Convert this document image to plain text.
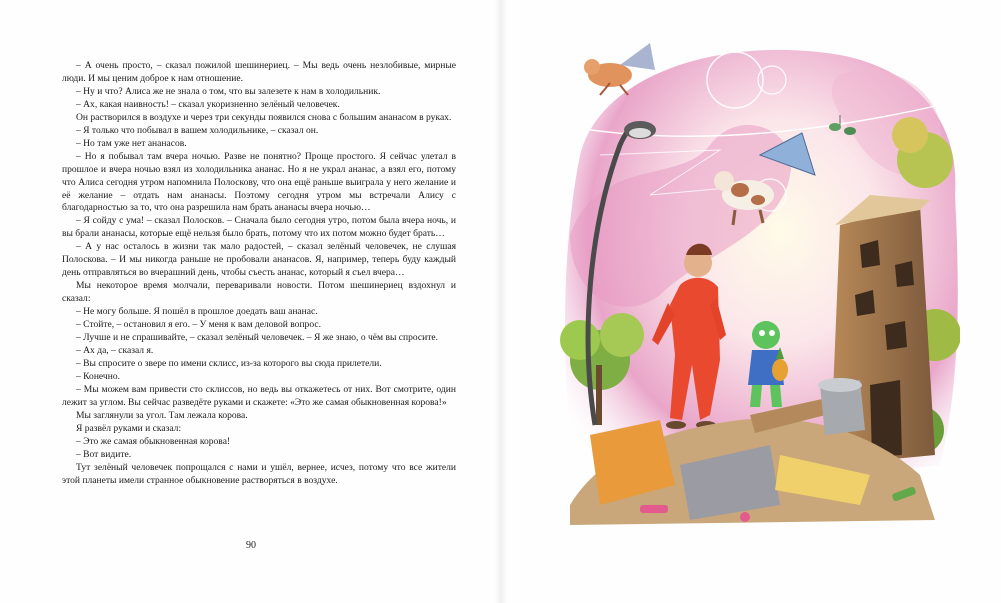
– А очень просто, – сказал пожилой шешинериец. – Мы ведь очень незлобивые, мирные люди. И мы ценим доброе к нам отношение.

– Ну и что? Алиса же не знала о том, что вы залезете к нам в холодильник.

– Ах, какая наивность! – сказал укоризненно зелёный человечек.

Он растворился в воздухе и через три секунды появился снова с большим ананасом в руках.

– Я только что побывал в вашем холодильнике, – сказал он.

– Но там уже нет ананасов.

– Но я побывал там вчера ночью. Разве не понятно? Проще простого. Я сейчас улетал в прошлое и вчера ночью взял из холодильника ананас. Но я не украл ананас, а взял его, потому что Алиса сегодня утром напомнила Полоскову, что она ещё раньше выиграла у него желание и её желание – отдать нам ананасы. Поэтому сегодня утром мы встречали Алису с благодарностью за то, что она разрешила нам брать ананасы вчера ночью…

– Я сойду с ума! – сказал Полосков. – Сначала было сегодня утро, потом была вчера ночь, и вы брали ананасы, которые ещё нельзя было брать, потому что их потом можно будет брать…

– А у нас осталось в жизни так мало радостей, – сказал зелёный человечек, не слушая Полоскова. – И мы никогда раньше не пробовали ананасов. Я, например, теперь буду каждый день отправляться во вчерашний день, чтобы съесть ананас, который я съел вчера…

Мы некоторое время молчали, переваривали новости. Потом шешинериец вздохнул и сказал:

– Не могу больше. Я пошёл в прошлое доедать ваш ананас.

– Стойте, – остановил я его. – У меня к вам деловой вопрос.

– Лучше и не спрашивайте, – сказал зелёный человечек. – Я же знаю, о чём вы спросите.

– Ах да, – сказал я.

– Вы спросите о звере по имени склисс, из-за которого вы сюда прилетели.

– Конечно.

– Мы можем вам привести сто склиссов, но ведь вы откажетесь от них. Вот смотрите, один лежит за углом. Вы сейчас разведёте руками и скажете: «Это же самая обыкновенная корова!»

Мы заглянули за угол. Там лежала корова.

Я развёл руками и сказал:

– Это же самая обыкновенная корова!

– Вот видите.

Тут зелёный человечек попрощался с нами и ушёл, вернее, исчез, потому что все жители этой планеты имели странное обыкновение растворяться в воздухе.

90
